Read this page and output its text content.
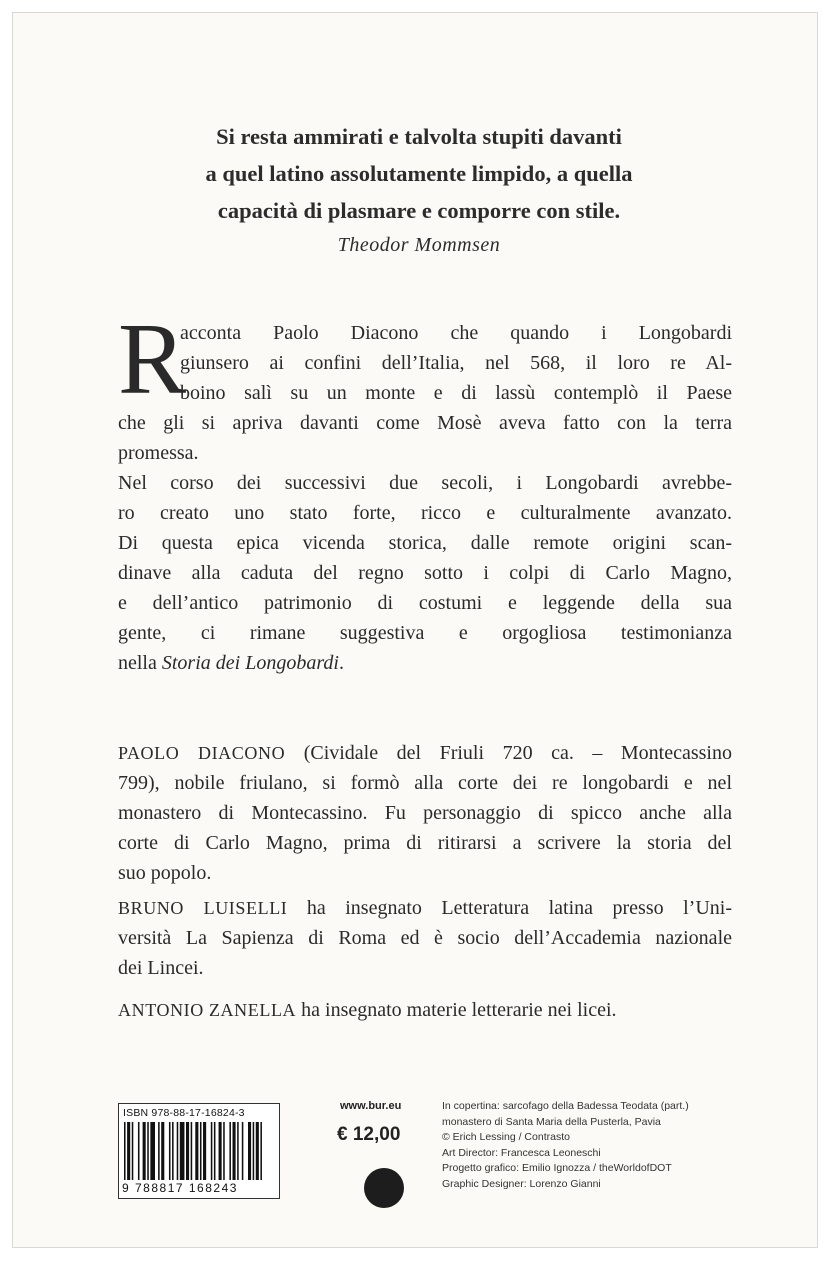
Si resta ammirati e talvolta stupiti davanti
a quel latino assolutamente limpido, a quella
capacità di plasmare e comporre con stile.
Theodor Mommsen
R
acconta Paolo Diacono che quando i Longobardi
giunsero ai confini dell’Italia, nel 568, il loro re Al-
boino salì su un monte e di lassù contemplò il Paese
che gli si apriva davanti come Mosè aveva fatto con la terra
promessa.
Nel corso dei successivi due secoli, i Longobardi avrebbe-
ro creato uno stato forte, ricco e culturalmente avanzato.
Di questa epica vicenda storica, dalle remote origini scan-
dinave alla caduta del regno sotto i colpi di Carlo Magno,
e dell’antico patrimonio di costumi e leggende della sua
gente, ci rimane suggestiva e orgogliosa testimonianza
nella Storia dei Longobardi.
PAOLO DIACONO (Cividale del Friuli 720 ca. – Montecassino
799), nobile friulano, si formò alla corte dei re longobardi e nel
monastero di Montecassino. Fu personaggio di spicco anche alla
corte di Carlo Magno, prima di ritirarsi a scrivere la storia del
suo popolo.
BRUNO LUISELLI ha insegnato Letteratura latina presso l’Uni-
versità La Sapienza di Roma ed è socio dell’Accademia nazionale
dei Lincei.
ANTONIO ZANELLA ha insegnato materie letterarie nei licei.
ISBN 978-88-17-16824-3
9 788817 168243
www.bur.eu
€ 12,00
In copertina: sarcofago della Badessa Teodata (part.)
monastero di Santa Maria della Pusterla, Pavia
© Erich Lessing / Contrasto
Art Director: Francesca Leoneschi
Progetto grafico: Emilio Ignozza / theWorldofDOT
Graphic Designer: Lorenzo Gianni
